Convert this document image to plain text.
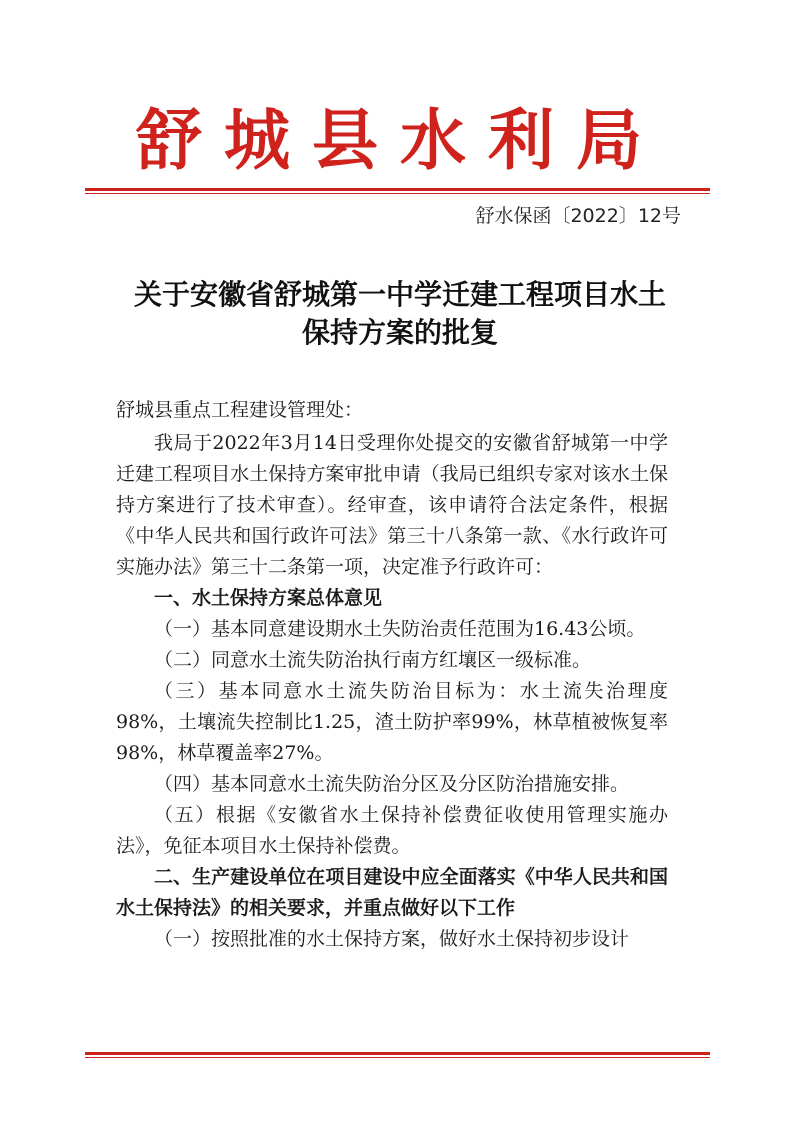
舒城县水利局
舒水保函〔2022〕12号
关于安徽省舒城第一中学迁建工程项目水土
保持方案的批复

舒城县重点工程建设管理处：

我局于2022年3月14日受理你处提交的安徽省舒城第一中学迁建工程项目水土保持方案审批申请（我局已组织专家对该水土保持方案进行了技术审查）。经审查，该申请符合法定条件，根据《中华人民共和国行政许可法》第三十八条第一款、《水行政许可实施办法》第三十二条第一项，决定准予行政许可：

一、水土保持方案总体意见

（一）基本同意建设期水土失防治责任范围为16.43公顷。

（二）同意水土流失防治执行南方红壤区一级标准。

（三）基本同意水土流失防治目标为：水土流失治理度98%，土壤流失控制比1.25，渣土防护率99%，林草植被恢复率98%，林草覆盖率27%。

（四）基本同意水土流失防治分区及分区防治措施安排。

（五）根据《安徽省水土保持补偿费征收使用管理实施办法》，免征本项目水土保持补偿费。

二、生产建设单位在项目建设中应全面落实《中华人民共和国水土保持法》的相关要求，并重点做好以下工作

（一）按照批准的水土保持方案，做好水土保持初步设计
